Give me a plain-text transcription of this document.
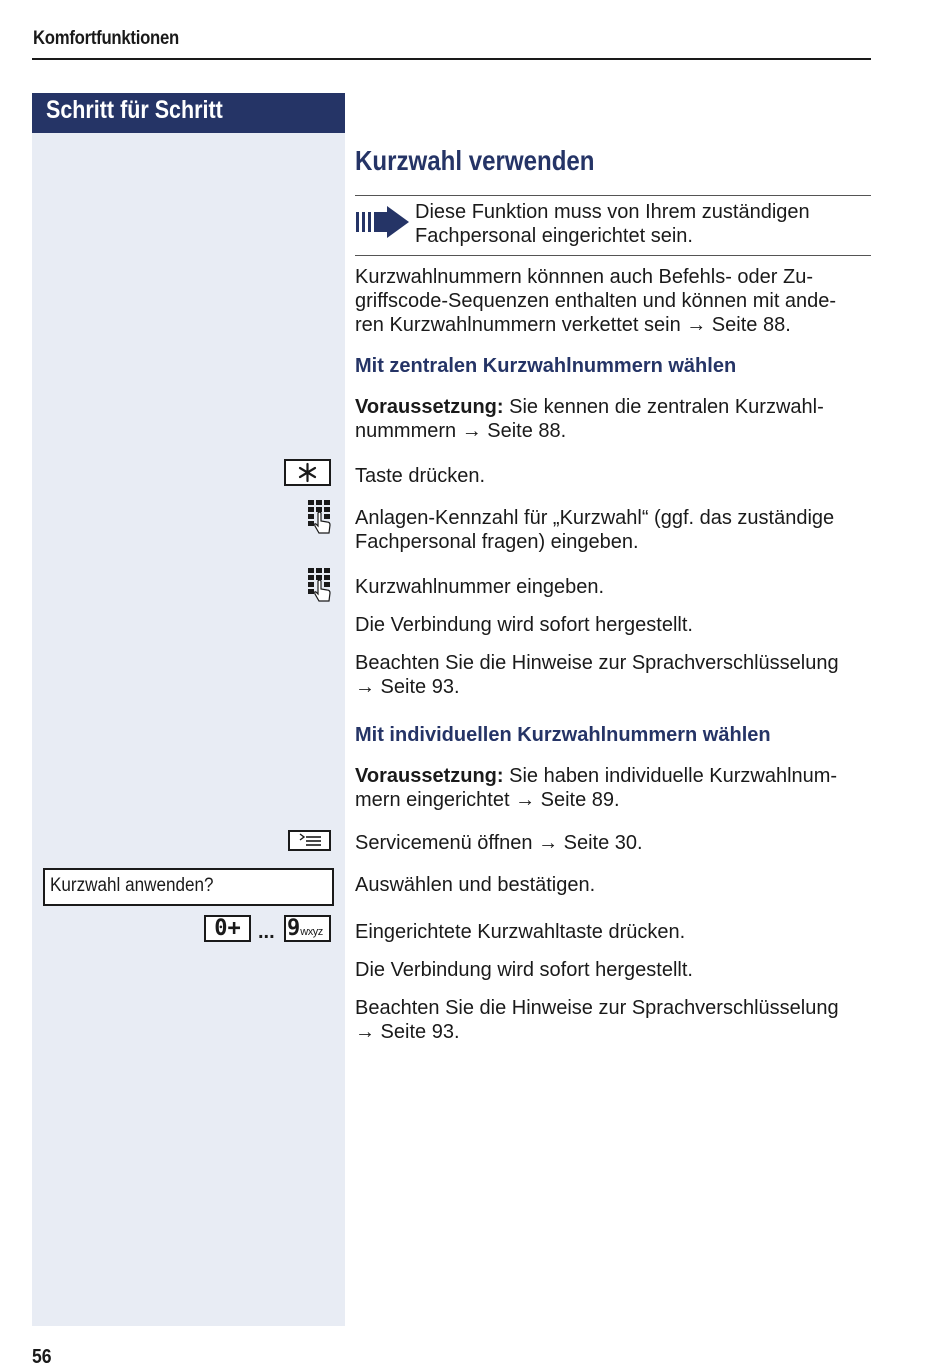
Komfortfunktionen
Schritt für Schritt
Kurzwahl verwenden
Diese Funktion muss von Ihrem zuständigen
Fachpersonal eingerichtet sein.
Kurzwahlnummern könnnen auch Befehls- oder Zu-
griffscode-Sequenzen enthalten und können mit ande-
ren Kurzwahlnummern verkettet sein → Seite 88.
Mit zentralen Kurzwahlnummern wählen
Voraussetzung: Sie kennen die zentralen Kurzwahl-
nummmern → Seite 88.
Taste drücken.
Anlagen-Kennzahl für „Kurzwahl“ (ggf. das zuständige
Fachpersonal fragen) eingeben.
Kurzwahlnummer eingeben.
Die Verbindung wird sofort hergestellt.
Beachten Sie die Hinweise zur Sprachverschlüsselung
→ Seite 93.
Mit individuellen Kurzwahlnummern wählen
Voraussetzung: Sie haben individuelle Kurzwahlnum-
mern eingerichtet → Seite 89.
Servicemenü öffnen → Seite 30.
Kurzwahl anwenden?	Auswählen und bestätigen.
0+ ... 9wxyz	Eingerichtete Kurzwahltaste drücken.
Die Verbindung wird sofort hergestellt.
Beachten Sie die Hinweise zur Sprachverschlüsselung
→ Seite 93.
56
